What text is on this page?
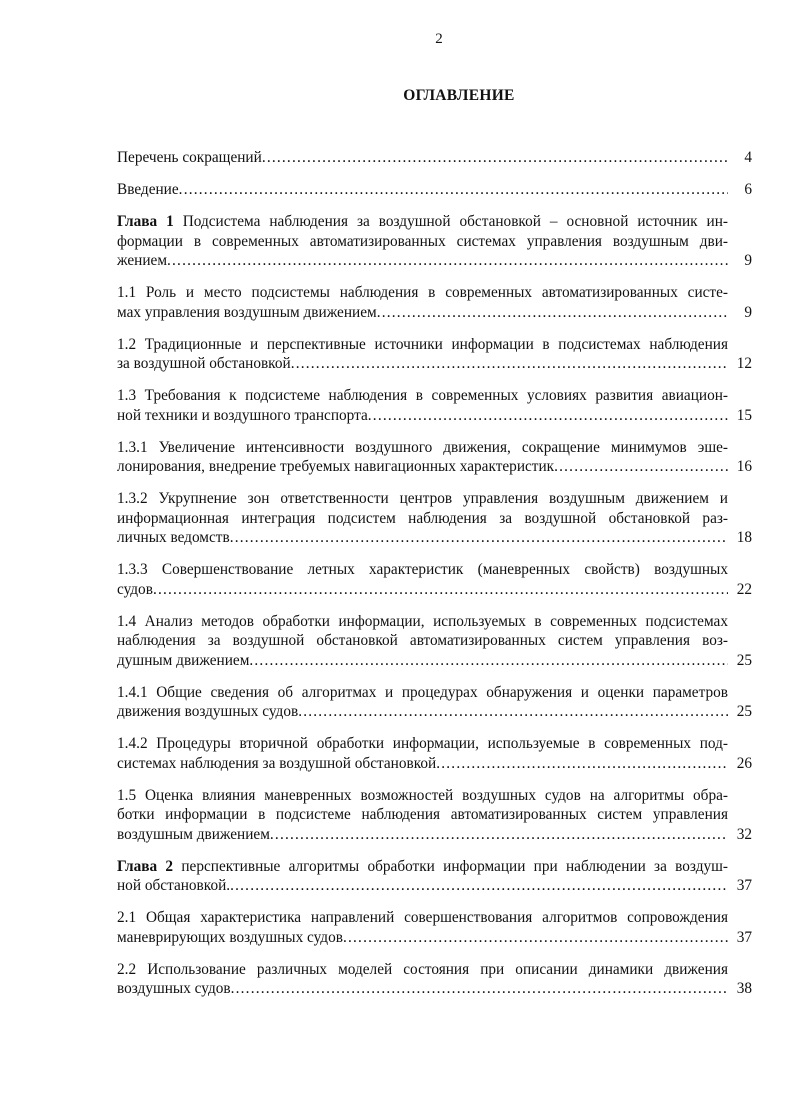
2
ОГЛАВЛЕНИЕ
Перечень сокращений .....	4
Введение .....	6
Глава 1 Подсистема наблюдения за воздушной обстановкой – основной источник ин-
формации в современных автоматизированных системах управления воздушным дви-
жением .....	9
1.1 Роль и место подсистемы наблюдения в современных автоматизированных систе-
мах управления воздушным движением .....	9
1.2 Традиционные и перспективные источники информации в подсистемах наблюдения
за воздушной обстановкой .....	12
1.3 Требования к подсистеме наблюдения в современных условиях развития авиацион-
ной техники и воздушного транспорта .....	15
1.3.1 Увеличение интенсивности воздушного движения, сокращение минимумов эше-
лонирования, внедрение требуемых навигационных характеристик .....	16
1.3.2 Укрупнение зон ответственности центров управления воздушным движением и
информационная интеграция подсистем наблюдения за воздушной обстановкой раз-
личных ведомств .....	18
1.3.3 Совершенствование летных характеристик (маневренных свойств) воздушных
судов .....	22
1.4 Анализ методов обработки информации, используемых в современных подсистемах
наблюдения за воздушной обстановкой автоматизированных систем управления воз-
душным движением .....	25
1.4.1 Общие сведения об алгоритмах и процедурах обнаружения и оценки параметров
движения воздушных судов .....	25
1.4.2 Процедуры вторичной обработки информации, используемые в современных под-
системах наблюдения за воздушной обстановкой .....	26
1.5 Оценка влияния маневренных возможностей воздушных судов на алгоритмы обра-
ботки информации в подсистеме наблюдения автоматизированных систем управления
воздушным движением .....	32
Глава 2 перспективные алгоритмы обработки информации при наблюдении за воздуш-
ной обстановкой. .....	37
2.1 Общая характеристика направлений совершенствования алгоритмов сопровождения
маневрирующих воздушных судов .....	37
2.2 Использование различных моделей состояния при описании динамики движения
воздушных судов .....	38
